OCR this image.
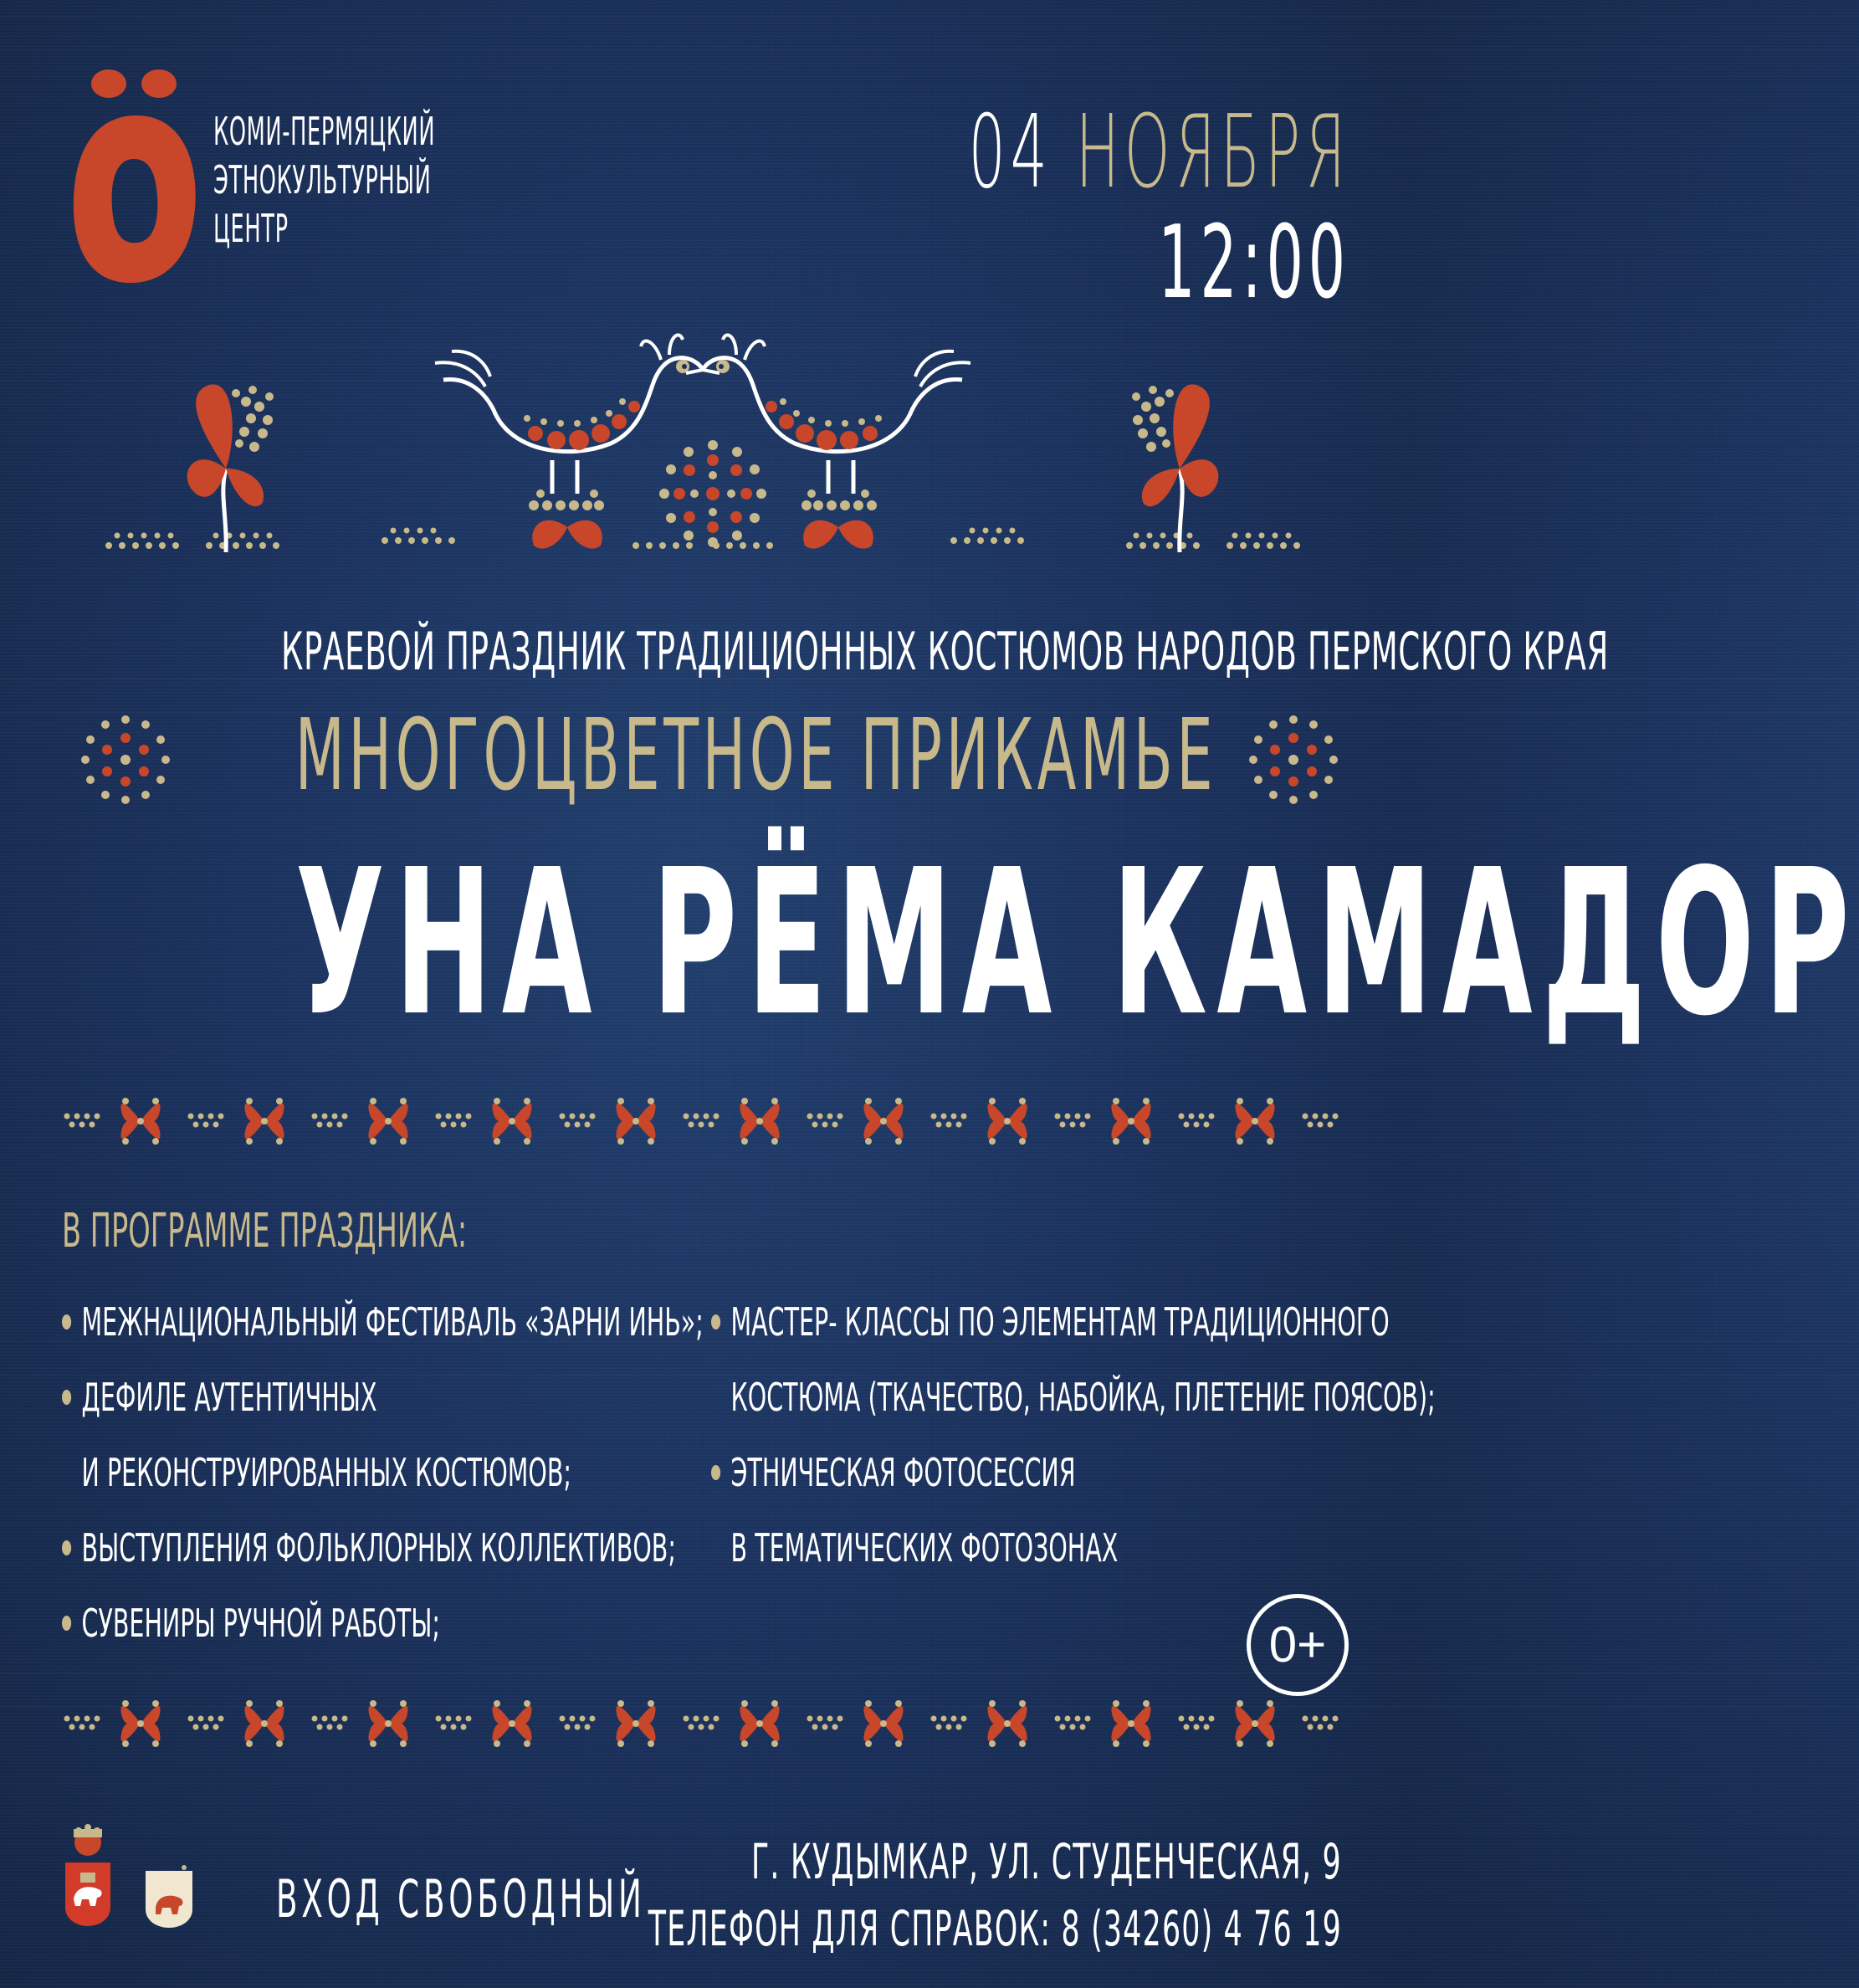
КОМИ-ПЕРМЯЦКИЙ
ЭТНОКУЛЬТУРНЫЙ
ЦЕНТР
04 НОЯБРЯ
12:00
КРАЕВОЙ ПРАЗДНИК ТРАДИЦИОННЫХ КОСТЮМОВ НАРОДОВ ПЕРМСКОГО КРАЯ
МНОГОЦВЕТНОЕ ПРИКАМЬЕ
УНА РЁМА КАМАДОР
В ПРОГРАММЕ ПРАЗДНИКА:
МЕЖНАЦИОНАЛЬНЫЙ ФЕСТИВАЛЬ «ЗАРНИ ИНЬ»;
ДЕФИЛЕ АУТЕНТИЧНЫХ
И РЕКОНСТРУИРОВАННЫХ КОСТЮМОВ;
ВЫСТУПЛЕНИЯ ФОЛЬКЛОРНЫХ КОЛЛЕКТИВОВ;
СУВЕНИРЫ РУЧНОЙ РАБОТЫ;
МАСТЕР- КЛАССЫ ПО ЭЛЕМЕНТАМ ТРАДИЦИОННОГО
КОСТЮМА (ТКАЧЕСТВО, НАБОЙКА, ПЛЕТЕНИЕ ПОЯСОВ);
ЭТНИЧЕСКАЯ ФОТОСЕССИЯ
В ТЕМАТИЧЕСКИХ ФОТОЗОНАХ
0+
ВХОД СВОБОДНЫЙ
Г. КУДЫМКАР, УЛ. СТУДЕНЧЕСКАЯ, 9
ТЕЛЕФОН ДЛЯ СПРАВОК: 8 (34260) 4 76 19
